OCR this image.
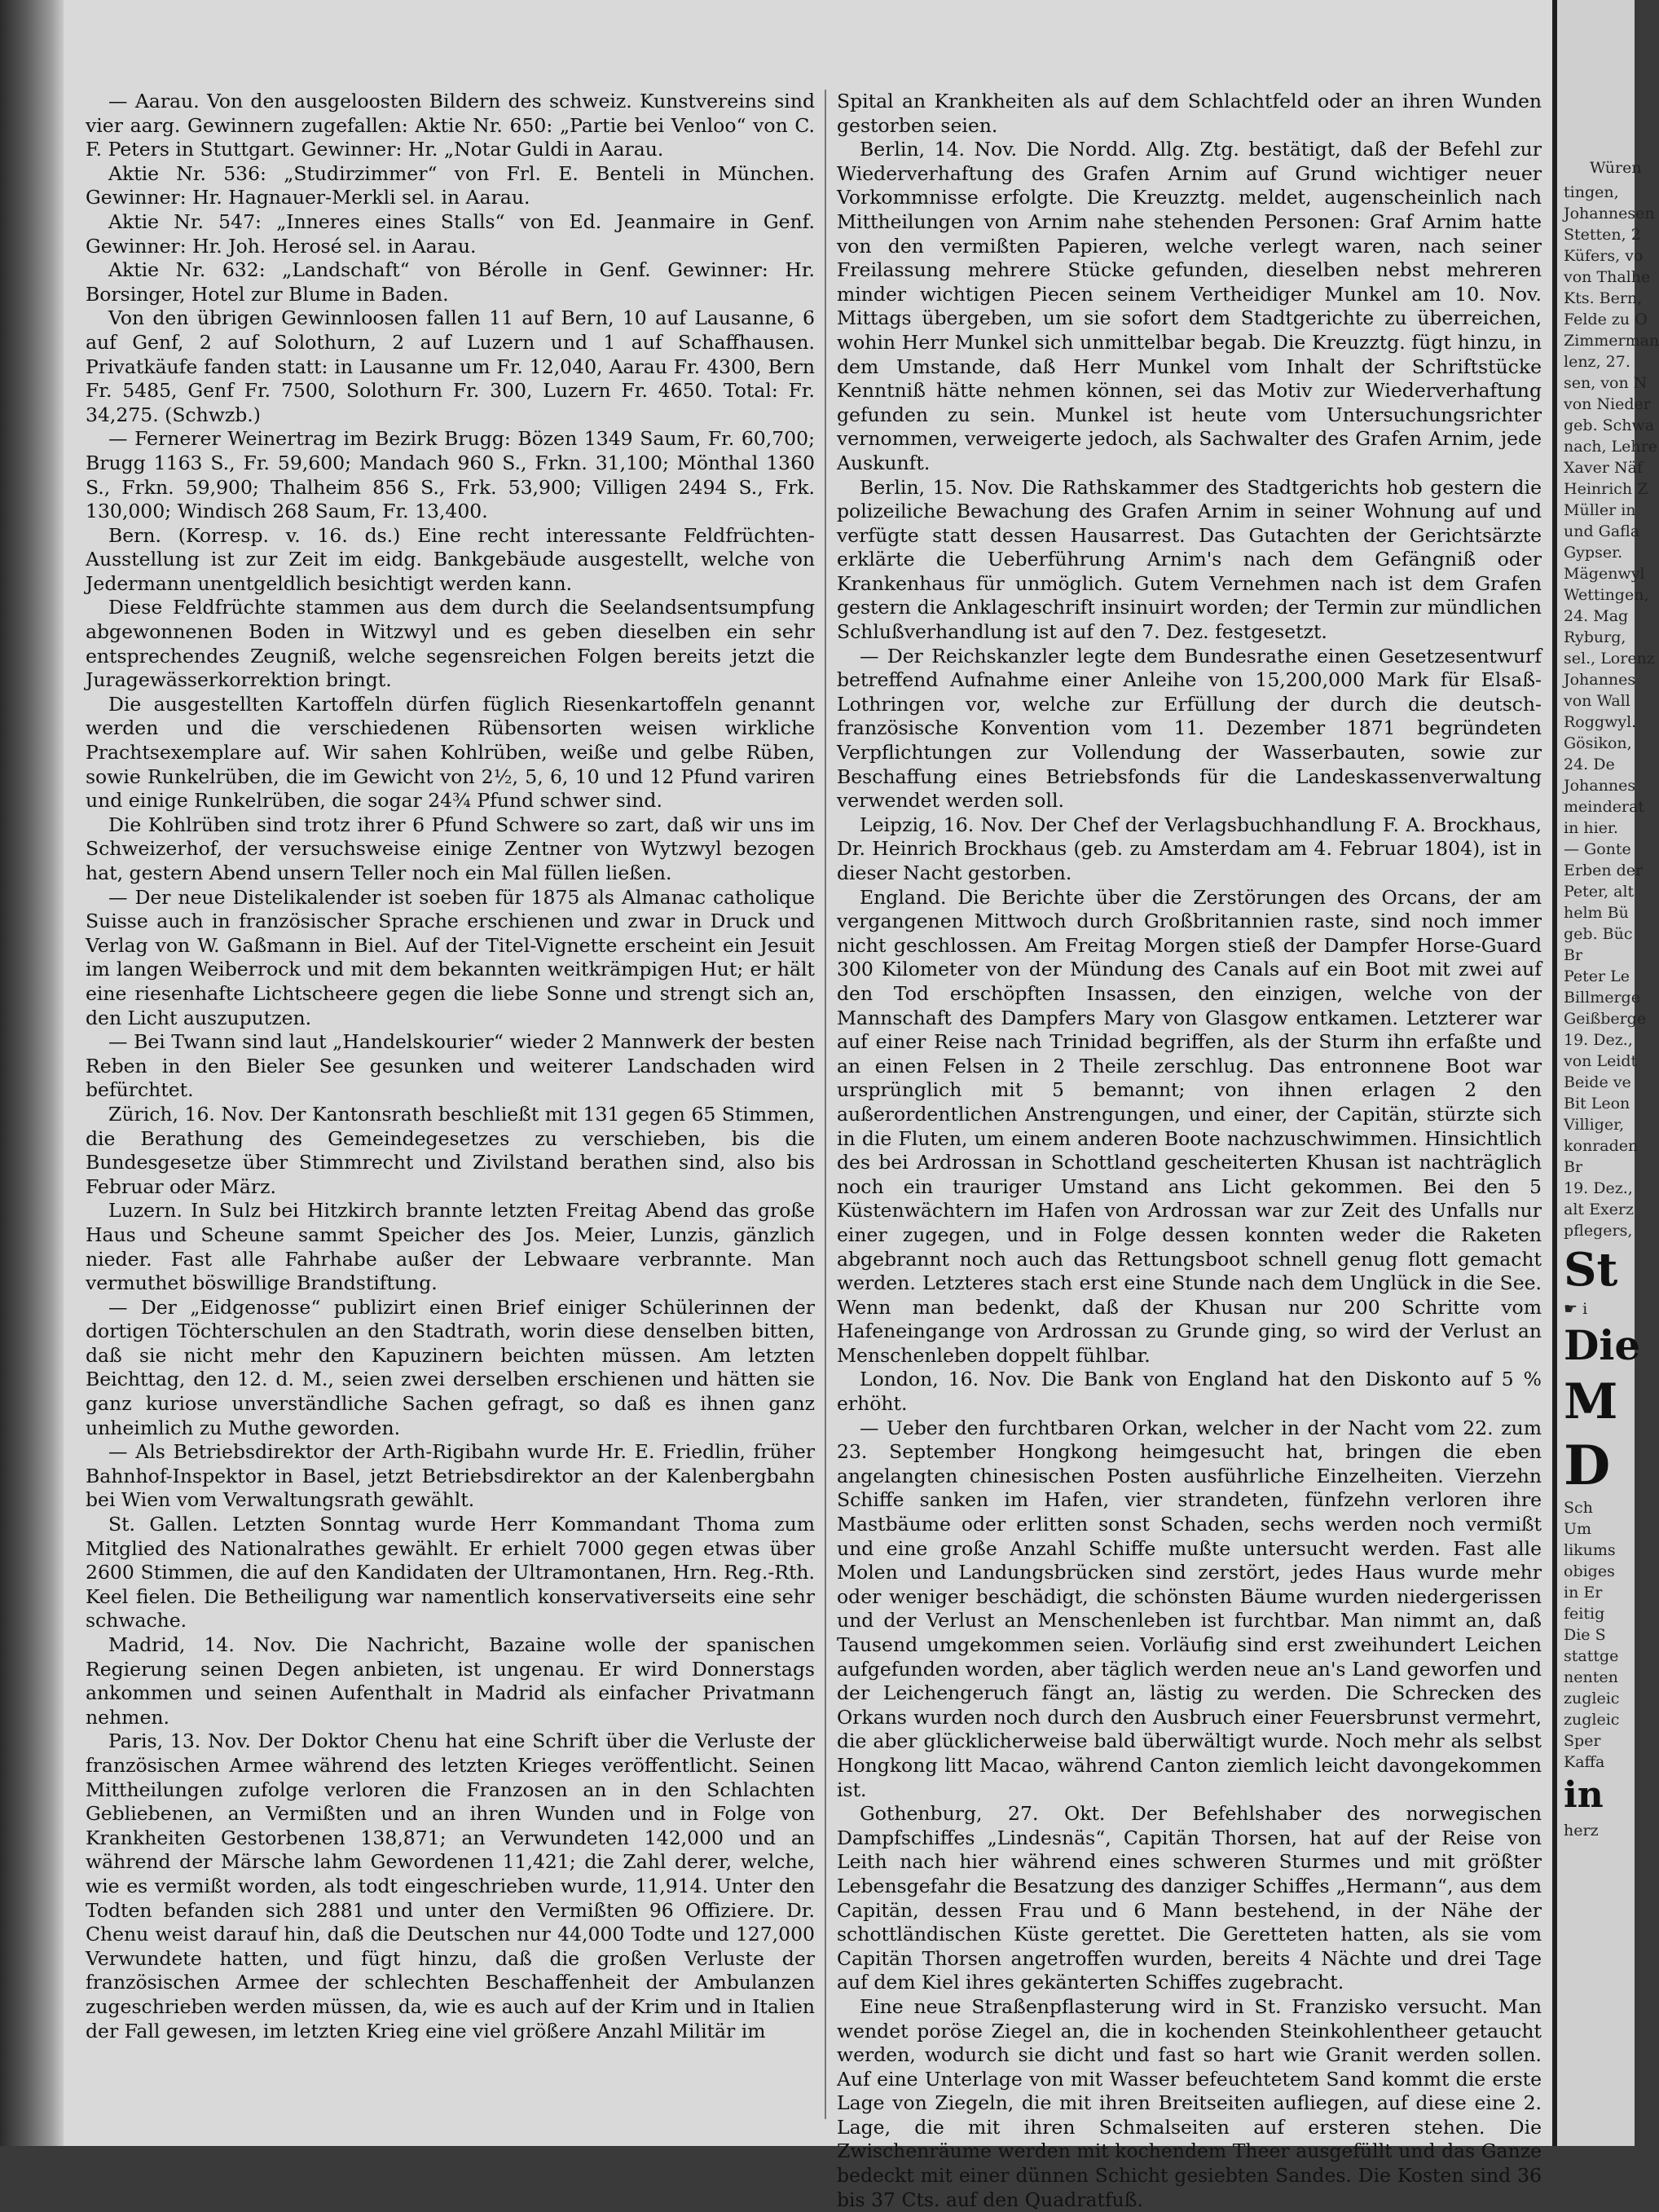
— Aarau. Von den ausgeloosten Bildern des schweiz. Kunstvereins sind vier aarg. Gewinnern zugefallen: Aktie Nr. 650: „Partie bei Venloo“ von C. F. Peters in Stuttgart. Gewinner: Hr. „Notar Guldi in Aarau.

Aktie Nr. 536: „Studirzimmer“ von Frl. E. Benteli in München. Gewinner: Hr. Hagnauer-Merkli sel. in Aarau.

Aktie Nr. 547: „Inneres eines Stalls“ von Ed. Jeanmaire in Genf. Gewinner: Hr. Joh. Herosé sel. in Aarau.

Aktie Nr. 632: „Landschaft“ von Bérolle in Genf. Gewinner: Hr. Borsinger, Hotel zur Blume in Baden.

Von den übrigen Gewinnloosen fallen 11 auf Bern, 10 auf Lausanne, 6 auf Genf, 2 auf Solothurn, 2 auf Luzern und 1 auf Schaffhausen. Privatkäufe fanden statt: in Lausanne um Fr. 12,040, Aarau Fr. 4300, Bern Fr. 5485, Genf Fr. 7500, Solothurn Fr. 300, Luzern Fr. 4650. Total: Fr. 34,275. (Schwzb.)

— Fernerer Weinertrag im Bezirk Brugg: Bözen 1349 Saum, Fr. 60,700; Brugg 1163 S., Fr. 59,600; Mandach 960 S., Frkn. 31,100; Mönthal 1360 S., Frkn. 59,900; Thalheim 856 S., Frk. 53,900; Villigen 2494 S., Frk. 130,000; Windisch 268 Saum, Fr. 13,400.

Bern. (Korresp. v. 16. ds.) Eine recht interessante Feldfrüchten-Ausstellung ist zur Zeit im eidg. Bankgebäude ausgestellt, welche von Jedermann unentgeldlich besichtigt werden kann.

Diese Feldfrüchte stammen aus dem durch die Seelandsentsumpfung abgewonnenen Boden in Witzwyl und es geben dieselben ein sehr entsprechendes Zeugniß, welche segensreichen Folgen bereits jetzt die Juragewässerkorrektion bringt.

Die ausgestellten Kartoffeln dürfen füglich Riesenkartoffeln genannt werden und die verschiedenen Rübensorten weisen wirkliche Prachtsexemplare auf. Wir sahen Kohlrüben, weiße und gelbe Rüben, sowie Runkelrüben, die im Gewicht von 2½, 5, 6, 10 und 12 Pfund variren und einige Runkelrüben, die sogar 24¾ Pfund schwer sind.

Die Kohlrüben sind trotz ihrer 6 Pfund Schwere so zart, daß wir uns im Schweizerhof, der versuchsweise einige Zentner von Wytzwyl bezogen hat, gestern Abend unsern Teller noch ein Mal füllen ließen.

— Der neue Distelikalender ist soeben für 1875 als Almanac catholique Suisse auch in französischer Sprache erschienen und zwar in Druck und Verlag von W. Gaßmann in Biel. Auf der Titel-Vignette erscheint ein Jesuit im langen Weiberrock und mit dem bekannten weitkrämpigen Hut; er hält eine riesenhafte Lichtscheere gegen die liebe Sonne und strengt sich an, den Licht auszuputzen.

— Bei Twann sind laut „Handelskourier“ wieder 2 Mannwerk der besten Reben in den Bieler See gesunken und weiterer Landschaden wird befürchtet.

Zürich, 16. Nov. Der Kantonsrath beschließt mit 131 gegen 65 Stimmen, die Berathung des Gemeindegesetzes zu verschieben, bis die Bundesgesetze über Stimmrecht und Zivilstand berathen sind, also bis Februar oder März.

Luzern. In Sulz bei Hitzkirch brannte letzten Freitag Abend das große Haus und Scheune sammt Speicher des Jos. Meier, Lunzis, gänzlich nieder. Fast alle Fahrhabe außer der Lebwaare verbrannte. Man vermuthet böswillige Brandstiftung.

— Der „Eidgenosse“ publizirt einen Brief einiger Schülerinnen der dortigen Töchterschulen an den Stadtrath, worin diese denselben bitten, daß sie nicht mehr den Kapuzinern beichten müssen. Am letzten Beichttag, den 12. d. M., seien zwei derselben erschienen und hätten sie ganz kuriose unverständliche Sachen gefragt, so daß es ihnen ganz unheimlich zu Muthe geworden.

— Als Betriebsdirektor der Arth-Rigibahn wurde Hr. E. Friedlin, früher Bahnhof-Inspektor in Basel, jetzt Betriebsdirektor an der Kalenbergbahn bei Wien vom Verwaltungsrath gewählt.

St. Gallen. Letzten Sonntag wurde Herr Kommandant Thoma zum Mitglied des Nationalrathes gewählt. Er erhielt 7000 gegen etwas über 2600 Stimmen, die auf den Kandidaten der Ultramontanen, Hrn. Reg.-Rth. Keel fielen. Die Betheiligung war namentlich konservativerseits eine sehr schwache.

Madrid, 14. Nov. Die Nachricht, Bazaine wolle der spanischen Regierung seinen Degen anbieten, ist ungenau. Er wird Donnerstags ankommen und seinen Aufenthalt in Madrid als einfacher Privatmann nehmen.

Paris, 13. Nov. Der Doktor Chenu hat eine Schrift über die Verluste der französischen Armee während des letzten Krieges veröffentlicht. Seinen Mittheilungen zufolge verloren die Franzosen an in den Schlachten Gebliebenen, an Vermißten und an ihren Wunden und in Folge von Krankheiten Gestorbenen 138,871; an Verwundeten 142,000 und an während der Märsche lahm Gewordenen 11,421; die Zahl derer, welche, wie es vermißt worden, als todt eingeschrieben wurde, 11,914. Unter den Todten befanden sich 2881 und unter den Vermißten 96 Offiziere. Dr. Chenu weist darauf hin, daß die Deutschen nur 44,000 Todte und 127,000 Verwundete hatten, und fügt hinzu, daß die großen Verluste der französischen Armee der schlechten Beschaffenheit der Ambulanzen zugeschrieben werden müssen, da, wie es auch auf der Krim und in Italien der Fall gewesen, im letzten Krieg eine viel größere Anzahl Militär im

Spital an Krankheiten als auf dem Schlachtfeld oder an ihren Wunden gestorben seien.

Berlin, 14. Nov. Die Nordd. Allg. Ztg. bestätigt, daß der Befehl zur Wiederverhaftung des Grafen Arnim auf Grund wichtiger neuer Vorkommnisse erfolgte. Die Kreuzztg. meldet, augenscheinlich nach Mittheilungen von Arnim nahe stehenden Personen: Graf Arnim hatte von den vermißten Papieren, welche verlegt waren, nach seiner Freilassung mehrere Stücke gefunden, dieselben nebst mehreren minder wichtigen Piecen seinem Vertheidiger Munkel am 10. Nov. Mittags übergeben, um sie sofort dem Stadtgerichte zu überreichen, wohin Herr Munkel sich unmittelbar begab. Die Kreuzztg. fügt hinzu, in dem Umstande, daß Herr Munkel vom Inhalt der Schriftstücke Kenntniß hätte nehmen können, sei das Motiv zur Wiederverhaftung gefunden zu sein. Munkel ist heute vom Untersuchungsrichter vernommen, verweigerte jedoch, als Sachwalter des Grafen Arnim, jede Auskunft.

Berlin, 15. Nov. Die Rathskammer des Stadtgerichts hob gestern die polizeiliche Bewachung des Grafen Arnim in seiner Wohnung auf und verfügte statt dessen Hausarrest. Das Gutachten der Gerichtsärzte erklärte die Ueberführung Arnim's nach dem Gefängniß oder Krankenhaus für unmöglich. Gutem Vernehmen nach ist dem Grafen gestern die Anklageschrift insinuirt worden; der Termin zur mündlichen Schlußverhandlung ist auf den 7. Dez. festgesetzt.

— Der Reichskanzler legte dem Bundesrathe einen Gesetzesentwurf betreffend Aufnahme einer Anleihe von 15,200,000 Mark für Elsaß-Lothringen vor, welche zur Erfüllung der durch die deutsch-französische Konvention vom 11. Dezember 1871 begründeten Verpflichtungen zur Vollendung der Wasserbauten, sowie zur Beschaffung eines Betriebsfonds für die Landeskassenverwaltung verwendet werden soll.

Leipzig, 16. Nov. Der Chef der Verlagsbuchhandlung F. A. Brockhaus, Dr. Heinrich Brockhaus (geb. zu Amsterdam am 4. Februar 1804), ist in dieser Nacht gestorben.

England. Die Berichte über die Zerstörungen des Orcans, der am vergangenen Mittwoch durch Großbritannien raste, sind noch immer nicht geschlossen. Am Freitag Morgen stieß der Dampfer Horse-Guard 300 Kilometer von der Mündung des Canals auf ein Boot mit zwei auf den Tod erschöpften Insassen, den einzigen, welche von der Mannschaft des Dampfers Mary von Glasgow entkamen. Letzterer war auf einer Reise nach Trinidad begriffen, als der Sturm ihn erfaßte und an einen Felsen in 2 Theile zerschlug. Das entronnene Boot war ursprünglich mit 5 bemannt; von ihnen erlagen 2 den außerordentlichen Anstrengungen, und einer, der Capitän, stürzte sich in die Fluten, um einem anderen Boote nachzuschwimmen. Hinsichtlich des bei Ardrossan in Schottland gescheiterten Khusan ist nachträglich noch ein trauriger Umstand ans Licht gekommen. Bei den 5 Küstenwächtern im Hafen von Ardrossan war zur Zeit des Unfalls nur einer zugegen, und in Folge dessen konnten weder die Raketen abgebrannt noch auch das Rettungsboot schnell genug flott gemacht werden. Letzteres stach erst eine Stunde nach dem Unglück in die See. Wenn man bedenkt, daß der Khusan nur 200 Schritte vom Hafeneingange von Ardrossan zu Grunde ging, so wird der Verlust an Menschenleben doppelt fühlbar.

London, 16. Nov. Die Bank von England hat den Diskonto auf 5 % erhöht.

— Ueber den furchtbaren Orkan, welcher in der Nacht vom 22. zum 23. September Hongkong heimgesucht hat, bringen die eben angelangten chinesischen Posten ausführliche Einzelheiten. Vierzehn Schiffe sanken im Hafen, vier strandeten, fünfzehn verloren ihre Mastbäume oder erlitten sonst Schaden, sechs werden noch vermißt und eine große Anzahl Schiffe mußte untersucht werden. Fast alle Molen und Landungsbrücken sind zerstört, jedes Haus wurde mehr oder weniger beschädigt, die schönsten Bäume wurden niedergerissen und der Verlust an Menschenleben ist furchtbar. Man nimmt an, daß Tausend umgekommen seien. Vorläufig sind erst zweihundert Leichen aufgefunden worden, aber täglich werden neue an's Land geworfen und der Leichengeruch fängt an, lästig zu werden. Die Schrecken des Orkans wurden noch durch den Ausbruch einer Feuersbrunst vermehrt, die aber glücklicherweise bald überwältigt wurde. Noch mehr als selbst Hongkong litt Macao, während Canton ziemlich leicht davongekommen ist.

Gothenburg, 27. Okt. Der Befehlshaber des norwegischen Dampfschiffes „Lindesnäs“, Capitän Thorsen, hat auf der Reise von Leith nach hier während eines schweren Sturmes und mit größter Lebensgefahr die Besatzung des danziger Schiffes „Hermann“, aus dem Capitän, dessen Frau und 6 Mann bestehend, in der Nähe der schottländischen Küste gerettet. Die Geretteten hatten, als sie vom Capitän Thorsen angetroffen wurden, bereits 4 Nächte und drei Tage auf dem Kiel ihres gekänterten Schiffes zugebracht.

Eine neue Straßenpflasterung wird in St. Franzisko versucht. Man wendet poröse Ziegel an, die in kochenden Steinkohlentheer getaucht werden, wodurch sie dicht und fast so hart wie Granit werden sollen. Auf eine Unterlage von mit Wasser befeuchtetem Sand kommt die erste Lage von Ziegeln, die mit ihren Breitseiten aufliegen, auf diese eine 2. Lage, die mit ihren Schmalseiten auf ersteren stehen. Die Zwischenräume werden mit kochendem Theer ausgefüllt und das Ganze bedeckt mit einer dünnen Schicht gesiebten Sandes. Die Kosten sind 36 bis 37 Cts. auf den Quadratfuß.

Würen
tingen,
Johannesen
Stetten, 2
Küfers, vo
von Thalhe
Kts. Bern,
Felde zu O
Zimmerman
lenz, 27.
sen, von N
von Nieder
geb. Schwa
nach, Lehre
Xaver Näf
Heinrich Z
Müller in
und Gafla
Gypser.
Mägenwyl
Wettingen,
24. Mag
Ryburg,
sel., Lorenz
Johannes
von Wall
Roggwyl.
Gösikon,
24. De
Johannes
meinderat
in hier.
— Gonte
Erben der
Peter, alt
helm Bü
geb. Büc
Br
Peter Le
Billmerge
Geißberge
19. Dez.,
von Leidt
Beide ve
Bit Leon
Villiger,
konraden
Br
19. Dez.,
alt Exerz
pflegers,
St
☛ i
Die
M
D
Sch
Um
likums
obiges
in Er
feitig
Die S
stattge
nenten
zugleic
zugleic
Sper
Kaffa
in
herz
